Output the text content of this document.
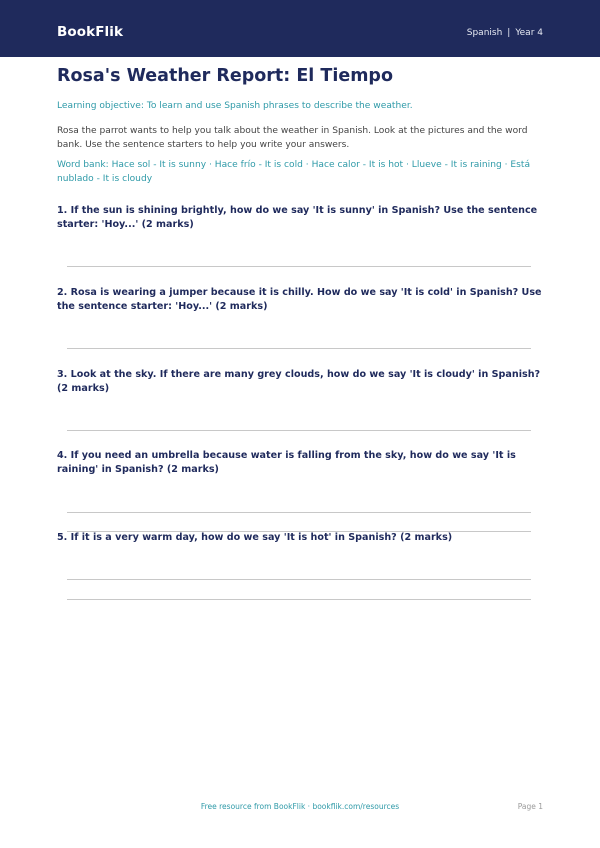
BookFlik	Spanish | Year 4
Rosa's Weather Report: El Tiempo
Learning objective: To learn and use Spanish phrases to describe the weather.
Rosa the parrot wants to help you talk about the weather in Spanish. Look at the pictures and the word bank. Use the sentence starters to help you write your answers.
Word bank: Hace sol - It is sunny · Hace frío - It is cold · Hace calor - It is hot · Llueve - It is raining · Está nublado - It is cloudy
1. If the sun is shining brightly, how do we say 'It is sunny' in Spanish? Use the sentence starter: 'Hoy...' (2 marks)
2. Rosa is wearing a jumper because it is chilly. How do we say 'It is cold' in Spanish? Use the sentence starter: 'Hoy...' (2 marks)
3. Look at the sky. If there are many grey clouds, how do we say 'It is cloudy' in Spanish? (2 marks)
4. If you need an umbrella because water is falling from the sky, how do we say 'It is raining' in Spanish? (2 marks)
5. If it is a very warm day, how do we say 'It is hot' in Spanish? (2 marks)
Free resource from BookFlik · bookflik.com/resources	Page 1
